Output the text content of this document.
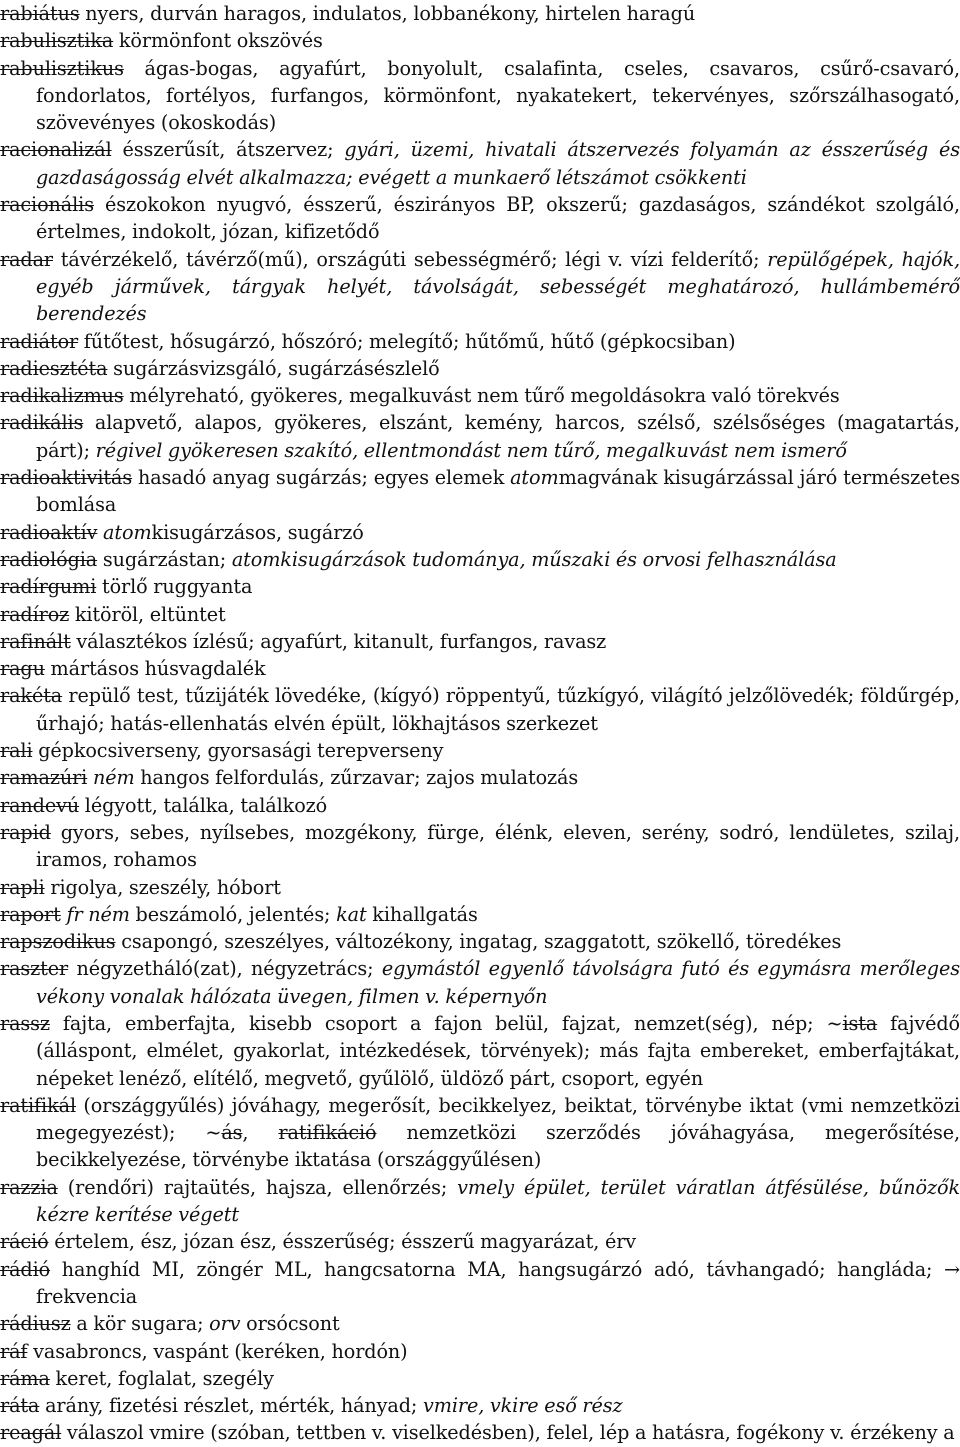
rabiátus nyers, durván haragos, indulatos, lobbanékony, hirtelen haragú

rabulisztika körmönfont okszövés

rabulisztikus ágas-bogas, agyafúrt, bonyolult, csalafinta, cseles, csavaros, csűrő-csavaró, fondorlatos, fortélyos, furfangos, körmönfont, nyakatekert, tekervényes, szőrszálhasogató, szövevényes (okoskodás)

racionalizál ésszerűsít, átszervez; gyári, üzemi, hivatali átszervezés folyamán az ésszerűség és gazdaságosság elvét alkalmazza; evégett a munkaerő létszámot csökkenti

racionális észokokon nyugvó, ésszerű, észirányos BP, okszerű; gazdaságos, szándékot szolgáló, értelmes, indokolt, józan, kifizetődő

radar távérzékelő, távérző(mű), országúti sebességmérő; légi v. vízi felderítő; repülőgépek, hajók, egyéb járművek, tárgyak helyét, távolságát, sebességét meghatározó, hullámbemérő berendezés

radiátor fűtőtest, hősugárzó, hőszóró; melegítő; hűtőmű, hűtő (gépkocsiban)

radiesztéta sugárzásvizsgáló, sugárzásészlelő

radikalizmus mélyreható, gyökeres, megalkuvást nem tűrő megoldásokra való törekvés

radikális alapvető, alapos, gyökeres, elszánt, kemény, harcos, szélső, szélsőséges (magatartás, párt); régivel gyökeresen szakító, ellentmondást nem tűrő, megalkuvást nem ismerő

radioaktivitás hasadó anyag sugárzás; egyes elemek atommagvának kisugárzással járó természetes bomlása

radioaktív atomkisugárzásos, sugárzó

radiológia sugárzástan; atomkisugárzások tudománya, műszaki és orvosi felhasználása

radírgumi törlő ruggyanta

radíroz kitöröl, eltüntet

rafinált választékos ízlésű; agyafúrt, kitanult, furfangos, ravasz

ragu mártásos húsvagdalék

rakéta repülő test, tűzijáték lövedéke, (kígyó) röppentyű, tűzkígyó, világító jelzőlövedék; földűrgép, űrhajó; hatás-ellenhatás elvén épült, lökhajtásos szerkezet

rali gépkocsiverseny, gyorsasági terepverseny

ramazúri ném hangos felfordulás, zűrzavar; zajos mulatozás

randevú légyott, találka, találkozó

rapid gyors, sebes, nyílsebes, mozgékony, fürge, élénk, eleven, serény, sodró, lendületes, szilaj, iramos, rohamos

rapli rigolya, szeszély, hóbort

raport fr ném beszámoló, jelentés; kat kihallgatás

rapszodikus csapongó, szeszélyes, változékony, ingatag, szaggatott, szökellő, töredékes

raszter négyzetháló(zat), négyzetrács; egymástól egyenlő távolságra futó és egymásra merőleges vékony vonalak hálózata üvegen, filmen v. képernyőn

rassz fajta, emberfajta, kisebb csoport a fajon belül, fajzat, nemzet(ség), nép; ~ista fajvédő (álláspont, elmélet, gyakorlat, intézkedések, törvények); más fajta embereket, emberfajtákat, népeket lenéző, elítélő, megvető, gyűlölő, üldöző párt, csoport, egyén

ratifikál (országgyűlés) jóváhagy, megerősít, becikkelyez, beiktat, törvénybe iktat (vmi nemzetközi megegyezést); ~ás, ratifikáció nemzetközi szerződés jóváhagyása, megerősítése, becikkelyezése, törvénybe iktatása (országgyűlésen)

razzia (rendőri) rajtaütés, hajsza, ellenőrzés; vmely épület, terület váratlan átfésülése, bűnözők kézre kerítése végett

ráció értelem, ész, józan ész, ésszerűség; ésszerű magyarázat, érv

rádió hanghíd MI, zöngér ML, hangcsatorna MA, hangsugárzó adó, távhangadó; hangláda; → frekvencia

rádiusz a kör sugara; orv orsócsont

ráf vasabroncs, vaspánt (keréken, hordón)

ráma keret, foglalat, szegély

ráta arány, fizetési részlet, mérték, hányad; vmire, vkire eső rész

reagál válaszol vmire (szóban, tettben v. viselkedésben), felel, lép a hatásra, fogékony v. érzékeny a
